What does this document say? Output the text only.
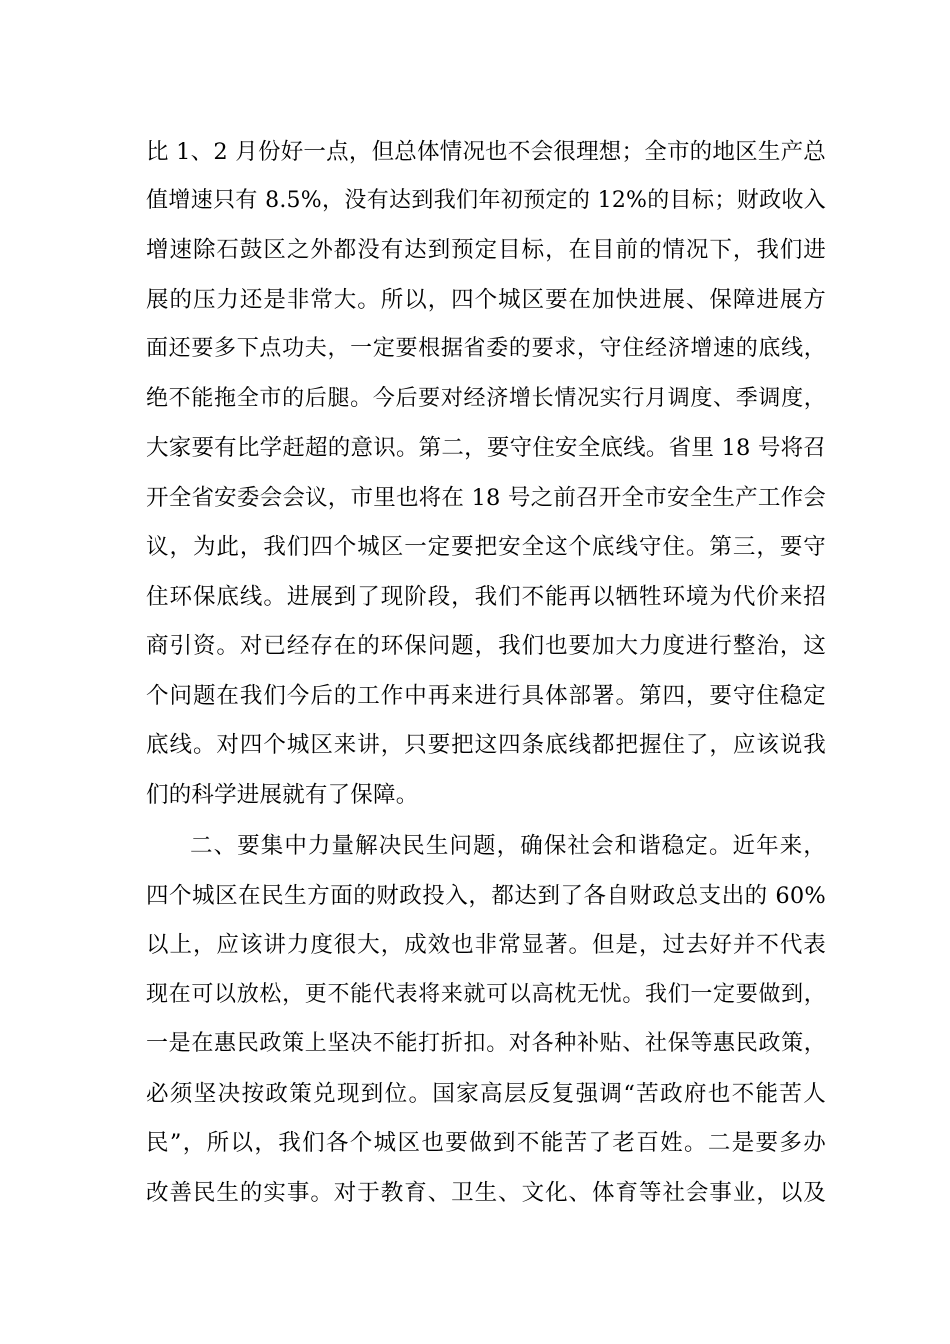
比 1、2 月份好一点，但总体情况也不会很理想；全市的地区生产总
值增速只有 8.5%，没有达到我们年初预定的 12%的目标；财政收入
增速除石鼓区之外都没有达到预定目标，在目前的情况下，我们进
展的压力还是非常大。所以，四个城区要在加快进展、保障进展方
面还要多下点功夫，一定要根据省委的要求，守住经济增速的底线，
绝不能拖全市的后腿。今后要对经济增长情况实行月调度、季调度，
大家要有比学赶超的意识。第二，要守住安全底线。省里 18 号将召
开全省安委会会议，市里也将在 18 号之前召开全市安全生产工作会
议，为此，我们四个城区一定要把安全这个底线守住。第三，要守
住环保底线。进展到了现阶段，我们不能再以牺牲环境为代价来招
商引资。对已经存在的环保问题，我们也要加大力度进行整治，这
个问题在我们今后的工作中再来进行具体部署。第四，要守住稳定
底线。对四个城区来讲，只要把这四条底线都把握住了，应该说我
们的科学进展就有了保障。
二、要集中力量解决民生问题，确保社会和谐稳定。近年来，
四个城区在民生方面的财政投入，都达到了各自财政总支出的 60%
以上，应该讲力度很大，成效也非常显著。但是，过去好并不代表
现在可以放松，更不能代表将来就可以高枕无忧。我们一定要做到，
一是在惠民政策上坚决不能打折扣。对各种补贴、社保等惠民政策，
必须坚决按政策兑现到位。国家高层反复强调“苦政府也不能苦人
民”，所以，我们各个城区也要做到不能苦了老百姓。二是要多办
改善民生的实事。对于教育、卫生、文化、体育等社会事业，以及
